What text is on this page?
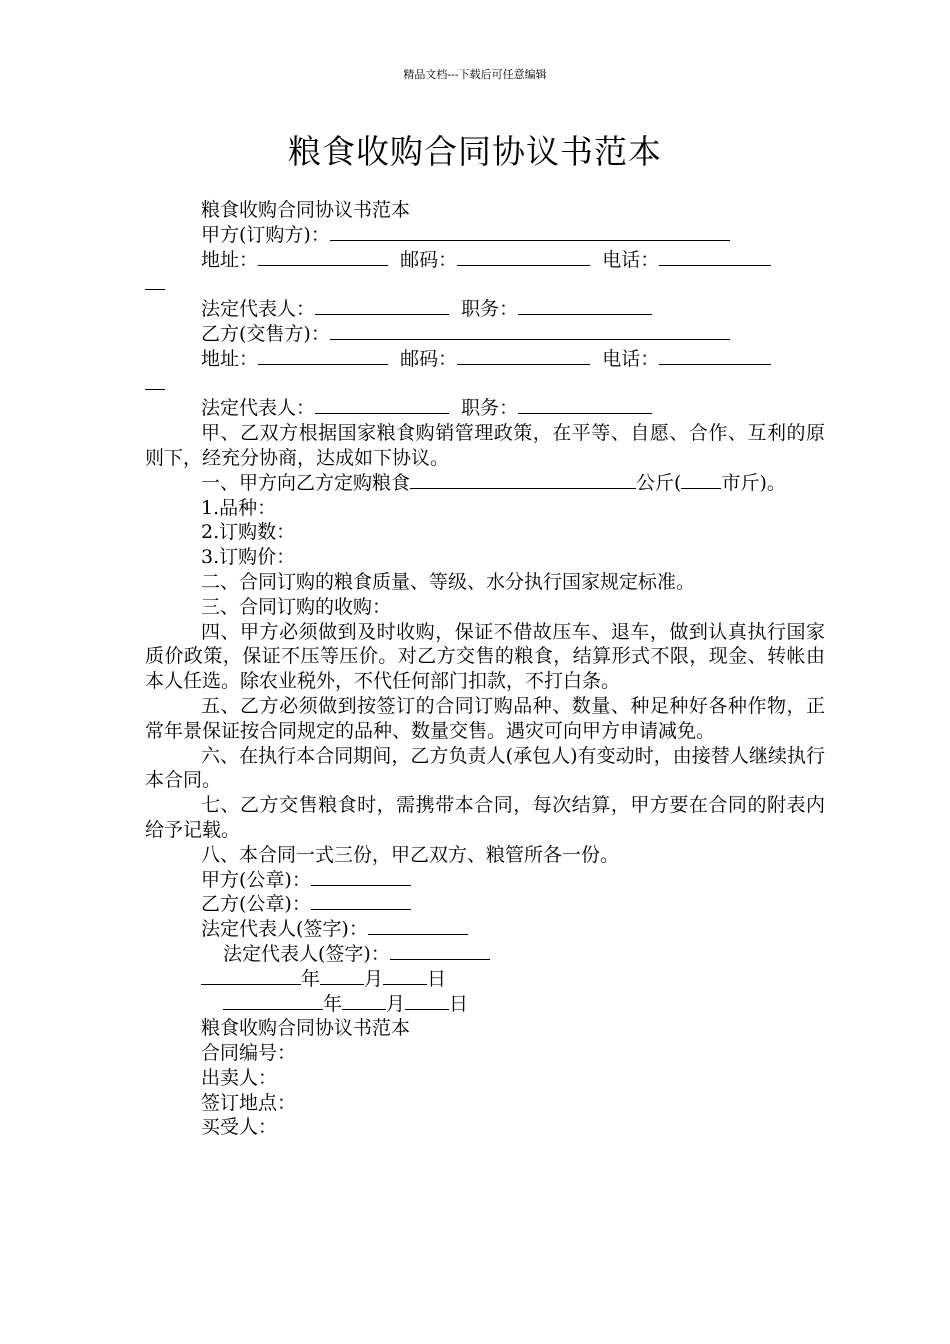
精品文档---下载后可任意编辑
粮食收购合同协议书范本
粮食收购合同协议书范本
甲方(订购方)：
地址：	邮码：	电话：
法定代表人：	职务：
乙方(交售方)：
地址：	邮码：	电话：
法定代表人：	职务：
甲、乙双方根据国家粮食购销管理政策，在平等、自愿、合作、互利的原则下，经充分协商，达成如下协议。
一、甲方向乙方定购粮食	公斤( 市斤)。
1.品种：
2.订购数：
3.订购价：
二、合同订购的粮食质量、等级、水分执行国家规定标准。
三、合同订购的收购：
四、甲方必须做到及时收购，保证不借故压车、退车，做到认真执行国家质价政策，保证不压等压价。对乙方交售的粮食，结算形式不限，现金、转帐由本人任选。除农业税外，不代任何部门扣款，不打白条。
五、乙方必须做到按签订的合同订购品种、数量、种足种好各种作物，正常年景保证按合同规定的品种、数量交售。遇灾可向甲方申请减免。
六、在执行本合同期间，乙方负责人(承包人)有变动时，由接替人继续执行本合同。
七、乙方交售粮食时，需携带本合同，每次结算，甲方要在合同的附表内给予记载。
八、本合同一式三份，甲乙双方、粮管所各一份。
甲方(公章)：
乙方(公章)：
法定代表人(签字)：
法定代表人(签字)：
年 月 日
年 月 日
粮食收购合同协议书范本
合同编号：
出卖人：
签订地点：
买受人：
